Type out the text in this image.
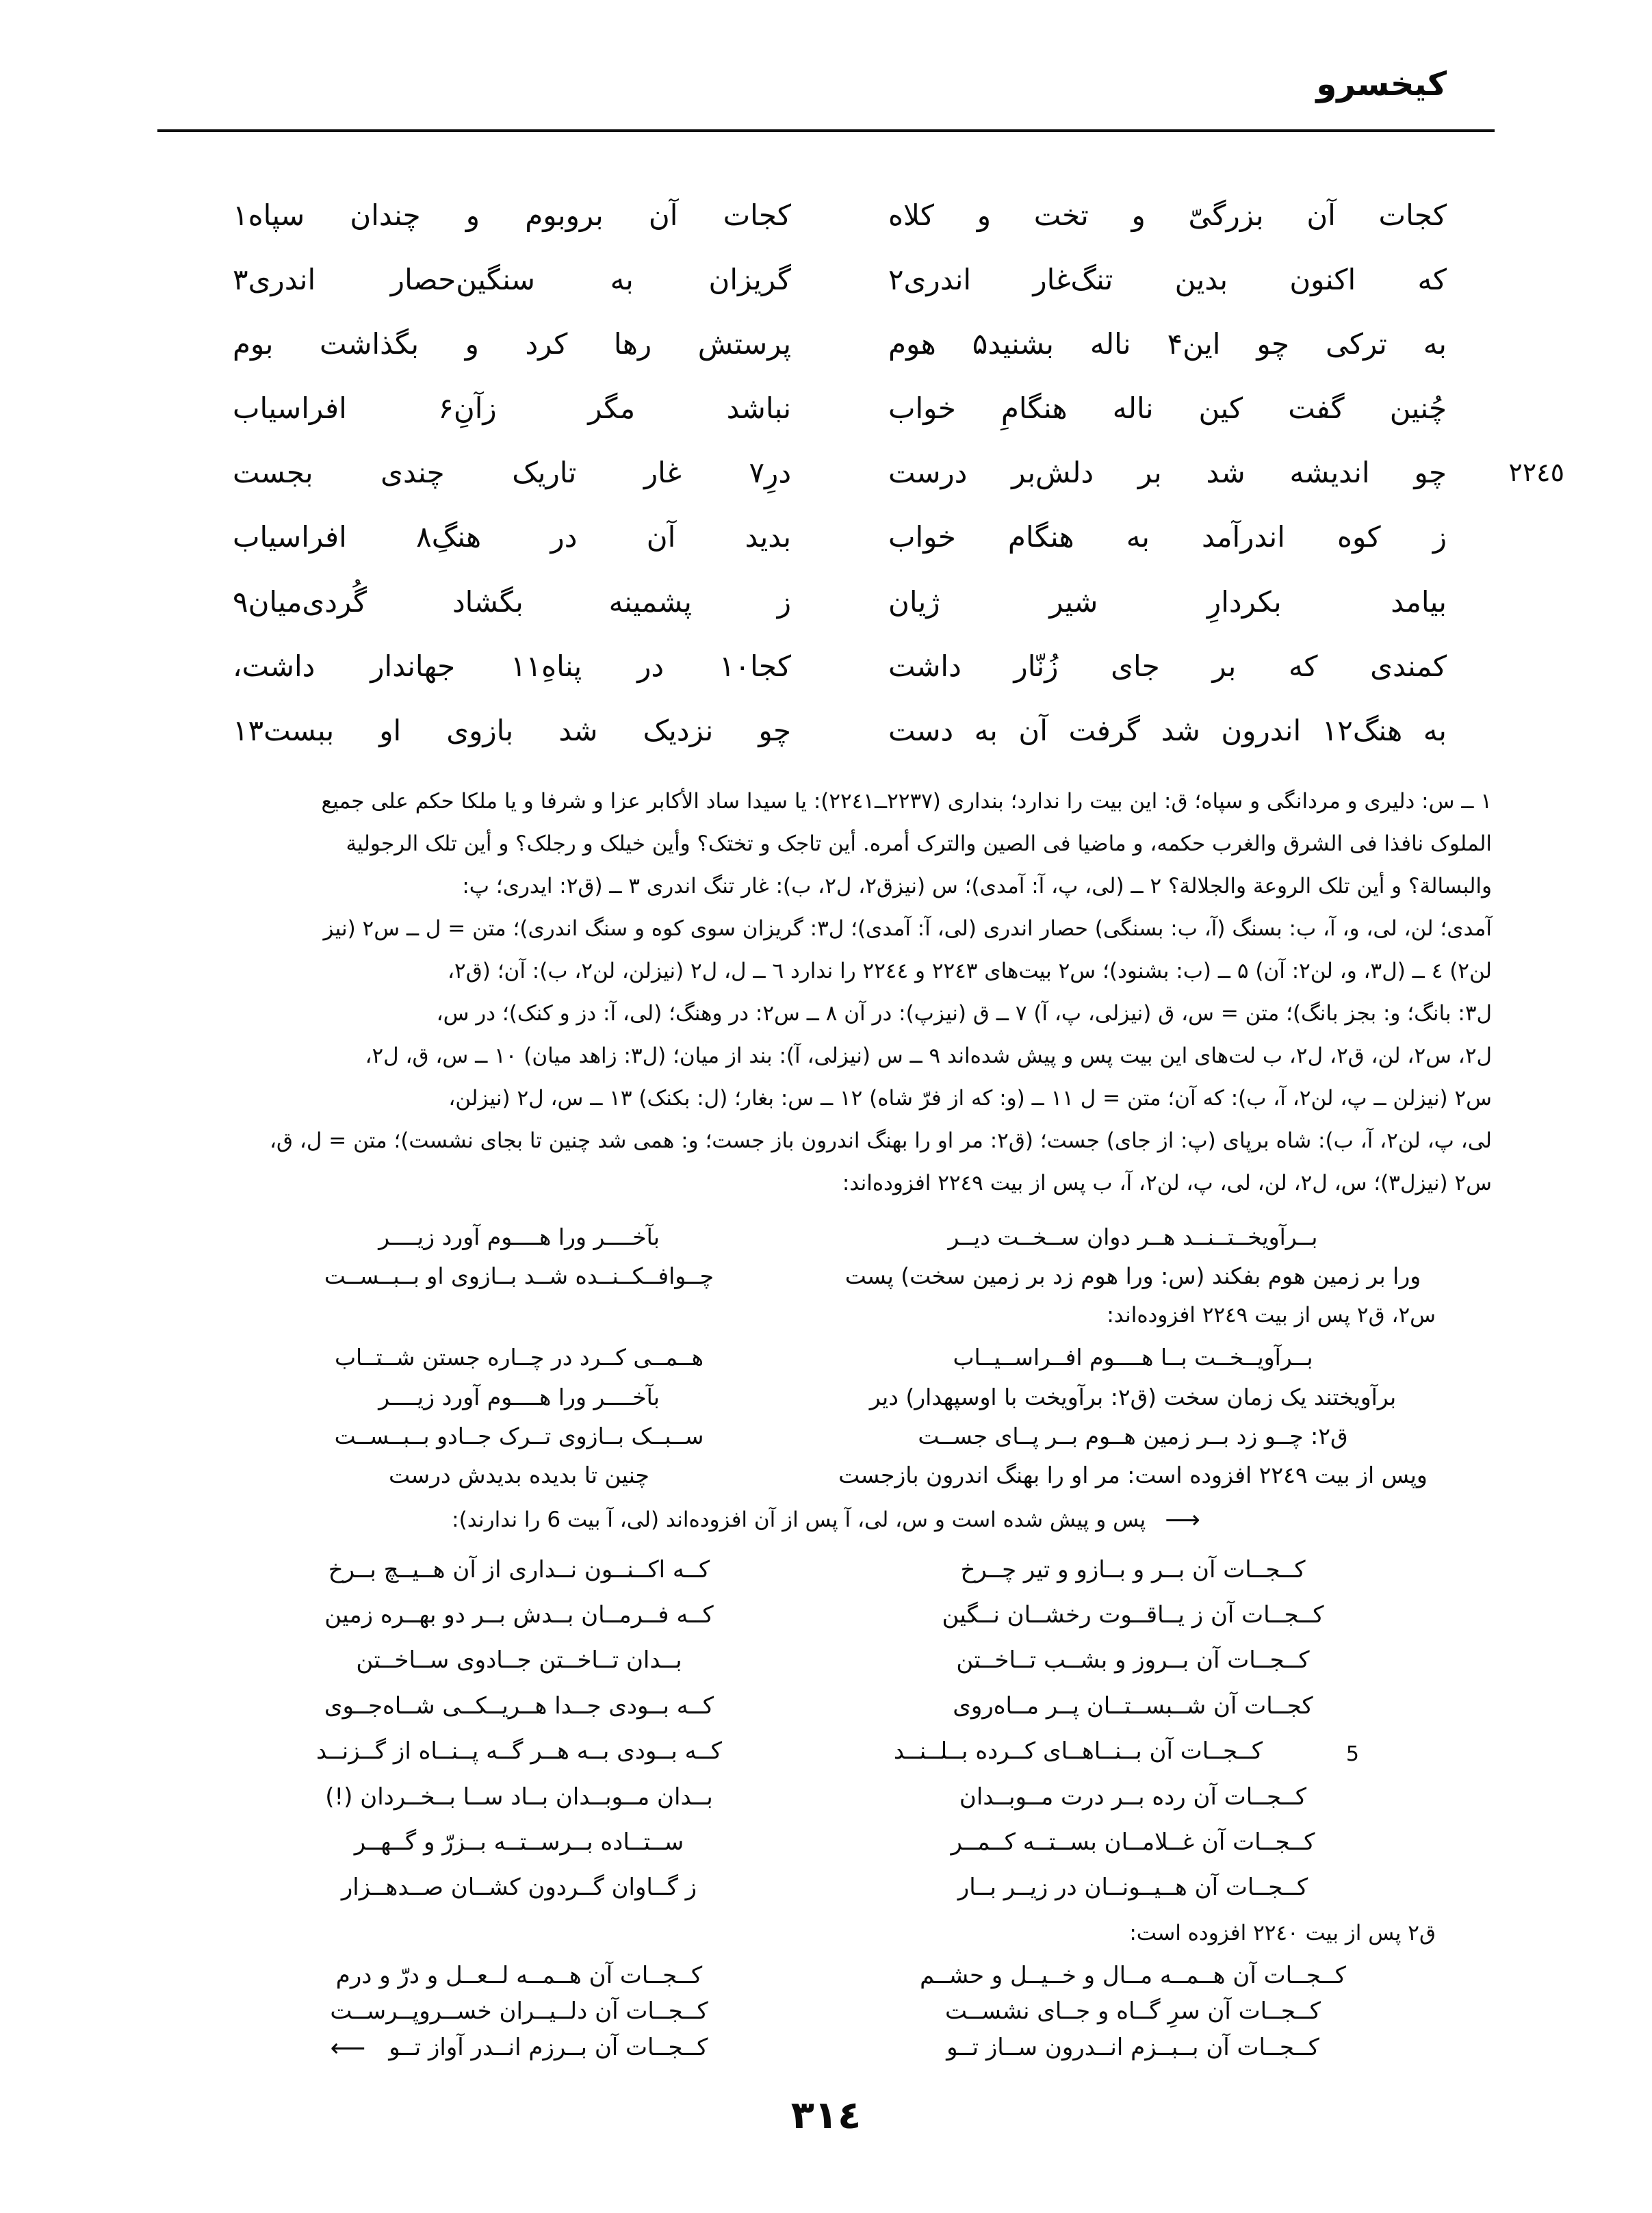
کیخسرو
کجات آن بزرگیّ و تخت و کلاه
کجات آن بروبوم و چندان سپاه۱
که اکنون بدین تنگ‌غار اندری۲
گریزان به سنگین‌حصار اندری۳
به ترکی چو این۴ ناله بشنید۵ هوم
پرستش رها کرد و بگذاشت بوم
چُنین گفت کین ناله هنگامِ خواب
نباشد مگر زآنِ۶ افراسیاب
٢٢٤٥
چو اندیشه شد بر دلش‌بر درست
درِ۷ غار تاریک چندی بجست
ز کوه اندرآمد به هنگام خواب
بدید آن در هنگِ۸ افراسیاب
بیامد بکردارِ شیر ژیان
ز پشمینه بگشاد گُردی‌میان۹
کمندی که بر جای زُنّار داشت
کجا۱۰ در پناهِ۱۱ جهاندار داشت،
به هنگ۱۲ اندرون شد گرفت آن به دست
چو نزدیک شد بازوی او ببست۱۳
۱ ــ س: دلیری و مردانگی و سپاه؛ ق: این بیت را ندارد؛ بنداری (۲۲۳۷ــ٢٢٤١): یا سیدا ساد الأکابر عزا و شرفا و یا ملکا حکم علی جمیع
الملوک نافذا فی الشرق والغرب حکمه، و ماضیا فی الصین والترک أمره. أین تاجک و تختک؟ وأین خیلک و رجلک؟ و أین تلک الرجولیة
والبسالة؟ و أین تلک الروعة والجلالة؟ ۲ ــ (لی، پ، آ: آمدی)؛ س (نیزق۲، ل۲، ب): غار تنگ اندری ۳ ــ (ق۲: ایدری؛ پ:
آمدی؛ لن، لی، و، آ، ب: بسنگ (آ، ب: بسنگی) حصار اندری (لی، آ: آمدی)؛ ل۳: گریزان سوی کوه و سنگ اندری)؛ متن = ل ــ س۲ (نیز
لن۲) ٤ ــ (ل۳، و، لن۲: آن) ۵ ــ (ب: بشنود)؛ س۲ بیت‌های ٢٢٤٣ و ٢٢٤٤ را ندارد ٦ ــ ل، ل۲ (نیزلن، لن۲، ب): آن؛ (ق۲،
ل۳: بانگ؛ و: بجز بانگ)؛ متن = س، ق (نیزلی، پ، آ) ۷ ــ ق (نیزپ): در آن ۸ ــ س۲: در وهنگ؛ (لی، آ: دز و کنک)؛ در س،
ل۲، س۲، لن، ق۲، ل۲، ب لت‌های این بیت پس و پیش شده‌اند ۹ ــ س (نیزلی، آ): بند از میان؛ (ل۳: زاهد میان) ۱۰ ــ س، ق، ل۲،
س۲ (نیزلن ــ پ، لن۲، آ، ب): که آن؛ متن = ل ۱۱ ــ (و: که از فرّ شاه) ۱۲ ــ س: بغار؛ (ل: بکنک) ۱۳ ــ س، ل۲ (نیزلن،
لی، پ، لن۲، آ، ب): شاه برپای (پ: از جای) جست؛ (ق۲: مر او را بهنگ اندرون باز جست؛ و: همی شد چنین تا بجای نشست)؛ متن = ل، ق،
س۲ (نیزل۳)؛ س، ل۲، لن، لی، پ، لن۲، آ، ب پس از بیت ٢٢٤٩ افزوده‌اند:
بــرآویخــتــنــد هــر دوان ســخــت دیــر
بآخــــر ورا هــــوم آورد زیــــر
ورا بر زمین هوم بفکند (س: ورا هوم زد بر زمین سخت) پست
چــوافــکــنــده شــد بــازوی او بــبــســت
س۲، ق۲ پس از بیت ٢٢٤٩ افزوده‌اند:
بــرآویــخــت بــا هــــوم افــراســیــاب
هــمــی کــرد در چــاره جستن شــتــاب
برآویختند یک زمان سخت (ق۲: برآویخت با اوسپهدار) دیر
بآخــــر ورا هــــوم آورد زیــــر
ق۲: چــو زد بــر زمین هــوم بــر پــای جســت
ســبــک بــازوی تــرک جــادو بــبــســت
وپس از بیت ٢٢٤٩ افزوده است: مر او را بهنگ اندرون بازجست
چنین تا بدیده بدیدش درست
⟶پس و پیش شده است و س، لی، آ پس از آن افزوده‌اند (لی، آ بیت 6 را ندارند):
کــجــات آن بــر و بــازو و تیر چــرخ
کــه اکــنــون نــداری از آن هــیــچ بــرخ
کــجــات آن ز یــاقــوت رخشــان نــگین
کــه فــرمــان بــدش بــر دو بهــره زمین
کــجــات آن بــروز و بشــب تــاخــتن
بــدان تــاخــتن جــادوی ســاخــتن
کجــات آن شــبســتــان پــر مــاه‌روی
کــه بــودی جــدا هــریــکــی شــاه‌جــوی
5
کــجــات آن بــنــاهــای کــرده بــلــنــد
کــه بــودی بــه هــر گــه پــنــاه از گــزنــد
کــجــات آن رده بــر درت مــوبــدان
بــدان مــوبــدان بــاد ســا بــخــردان (!)
کــجــات آن غــلامــان بســتــه کــمــر
ســتــاده بــرســتــه بــزرّ و گــهــر
کــجــات آن هــیــونــان در زیــر بــار
ز گــاوان گــردون کشــان صــدهــزار
ق۲ پس از بیت ٢٢٤٠ افزوده است:
کــجــات آن هــمــه مــال و خــیــل و حشــم
کــجــات آن هــمــه لــعــل و درّ و درم
کــجــات آن سرِ گــاه و جــای نشســت
کــجــات آن دلــیــران خســروپــرســت
کــجــات آن بــبــزم انــدرون ســاز تــو
کــجــات آن بــرزم انــدر آواز تــو⟵
٣١٤
